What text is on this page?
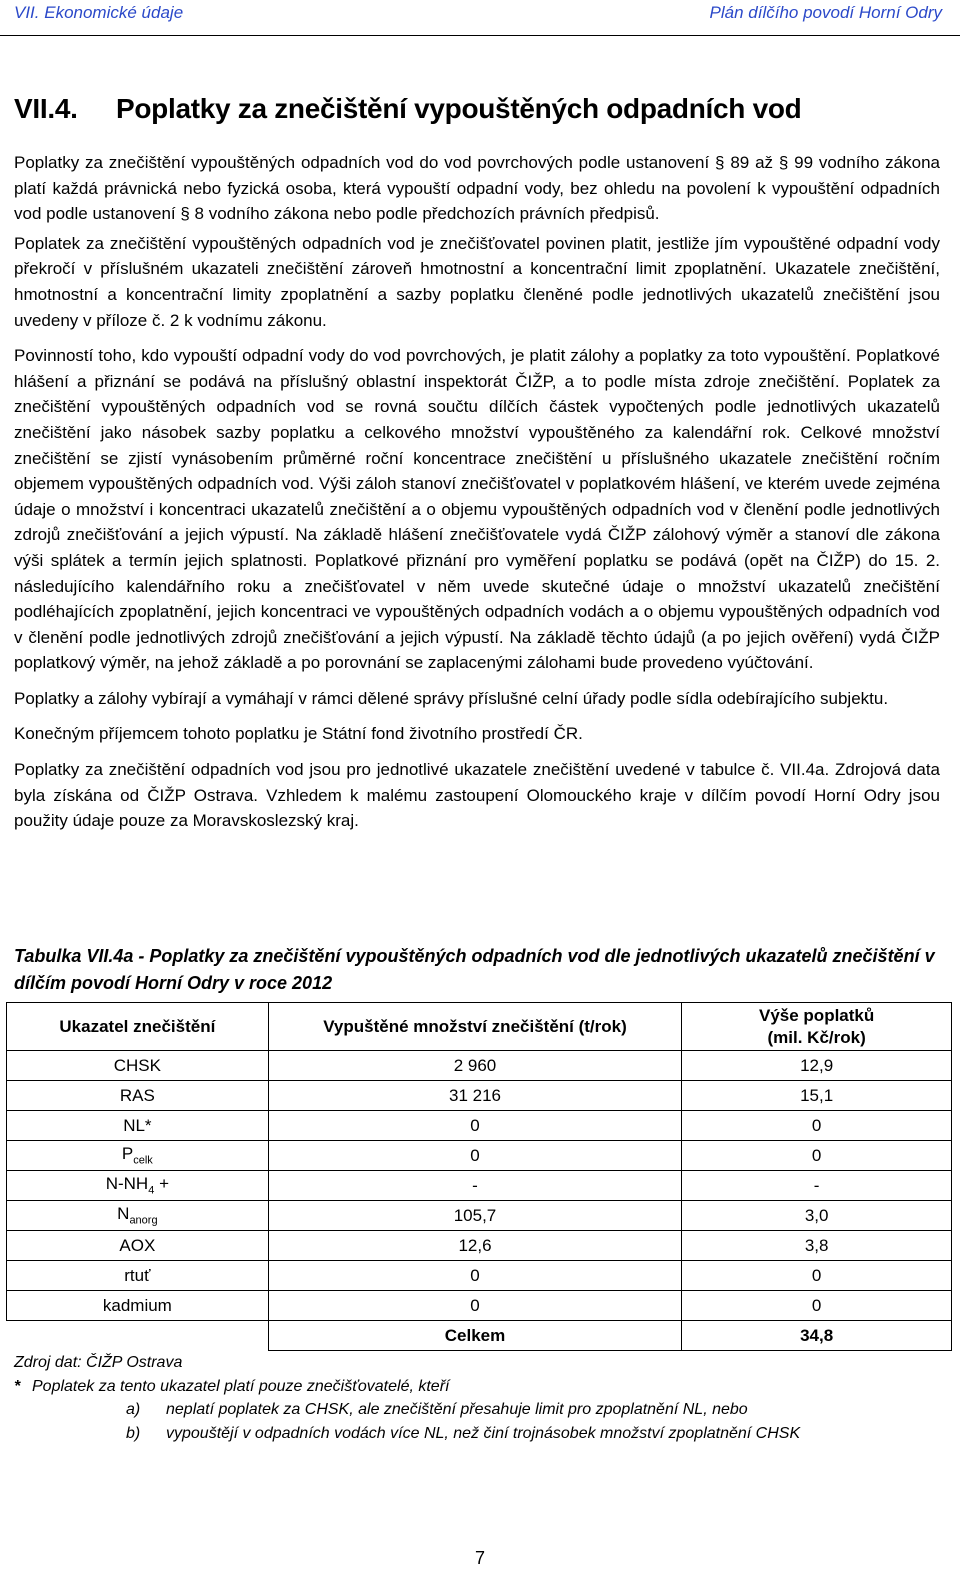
VII. Ekonomické údaje	Plán dílčího povodí Horní Odry
VII.4. Poplatky za znečištění vypouštěných odpadních vod

Poplatky za znečištění vypouštěných odpadních vod do vod povrchových podle ustanovení § 89 až § 99 vodního zákona platí každá právnická nebo fyzická osoba, která vypouští odpadní vody, bez ohledu na povolení k vypouštění odpadních vod podle ustanovení § 8 vodního zákona nebo podle předchozích právních předpisů.

Poplatek za znečištění vypouštěných odpadních vod je znečišťovatel povinen platit, jestliže jím vypouštěné odpadní vody překročí v příslušném ukazateli znečištění zároveň hmotnostní a koncentrační limit zpoplatnění. Ukazatele znečištění, hmotnostní a koncentrační limity zpoplatnění a sazby poplatku členěné podle jednotlivých ukazatelů znečištění jsou uvedeny v příloze č. 2 k vodnímu zákonu.

Povinností toho, kdo vypouští odpadní vody do vod povrchových, je platit zálohy a poplatky za toto vypouštění. Poplatkové hlášení a přiznání se podává na příslušný oblastní inspektorát ČIŽP, a to podle místa zdroje znečištění. Poplatek za znečištění vypouštěných odpadních vod se rovná součtu dílčích částek vypočtených podle jednotlivých ukazatelů znečištění jako násobek sazby poplatku a celkového množství vypouštěného za kalendářní rok. Celkové množství znečištění se zjistí vynásobením průměrné roční koncentrace znečištění u příslušného ukazatele znečištění ročním objemem vypouštěných odpadních vod. Výši záloh stanoví znečišťovatel v poplatkovém hlášení, ve kterém uvede zejména údaje o množství i koncentraci ukazatelů znečištění a o objemu vypouštěných odpadních vod v členění podle jednotlivých zdrojů znečišťování a jejich výpustí. Na základě hlášení znečišťovatele vydá ČIŽP zálohový výměr a stanoví dle zákona výši splátek a termín jejich splatnosti. Poplatkové přiznání pro vyměření poplatku se podává (opět na ČIŽP) do 15. 2. následujícího kalendářního roku a znečišťovatel v něm uvede skutečné údaje o množství ukazatelů znečištění podléhajících zpoplatnění, jejich koncentraci ve vypouštěných odpadních vodách a o objemu vypouštěných odpadních vod v členění podle jednotlivých zdrojů znečišťování a jejich výpustí. Na základě těchto údajů (a po jejich ověření) vydá ČIŽP poplatkový výměr, na jehož základě a po porovnání se zaplacenými zálohami bude provedeno vyúčtování.

Poplatky a zálohy vybírají a vymáhají v rámci dělené správy příslušné celní úřady podle sídla odebírajícího subjektu.

Konečným příjemcem tohoto poplatku je Státní fond životního prostředí ČR.

Poplatky za znečištění odpadních vod jsou pro jednotlivé ukazatele znečištění uvedené v tabulce č. VII.4a. Zdrojová data byla získána od ČIŽP Ostrava. Vzhledem k malému zastoupení Olomouckého kraje v dílčím povodí Horní Odry jsou použity údaje pouze za Moravskoslezský kraj.

Tabulka VII.4a - Poplatky za znečištění vypouštěných odpadních vod dle jednotlivých ukazatelů znečištění v dílčím povodí Horní Odry v roce 2012
Ukazatel znečištění	Vypuštěné množství znečištění (t/rok)	Výše poplatků
(mil. Kč/rok)
CHSK	2 960	12,9
RAS	31 216	15,1
NL*	0	0
$P_{celk}$	0	0
$N-NH_4$ +	-	-
$N_{anorg}$	105,7	3,0
AOX	12,6	3,8
rtuť	0	0
kadmium	0	0
	Celkem	34,8
Zdroj dat: ČIŽP Ostrava
* Poplatek za tento ukazatel platí pouze znečišťovatelé, kteří
a) neplatí poplatek za CHSK, ale znečištění přesahuje limit pro zpoplatnění NL, nebo
b) vypouštějí v odpadních vodách více NL, než činí trojnásobek množství zpoplatnění CHSK
7
